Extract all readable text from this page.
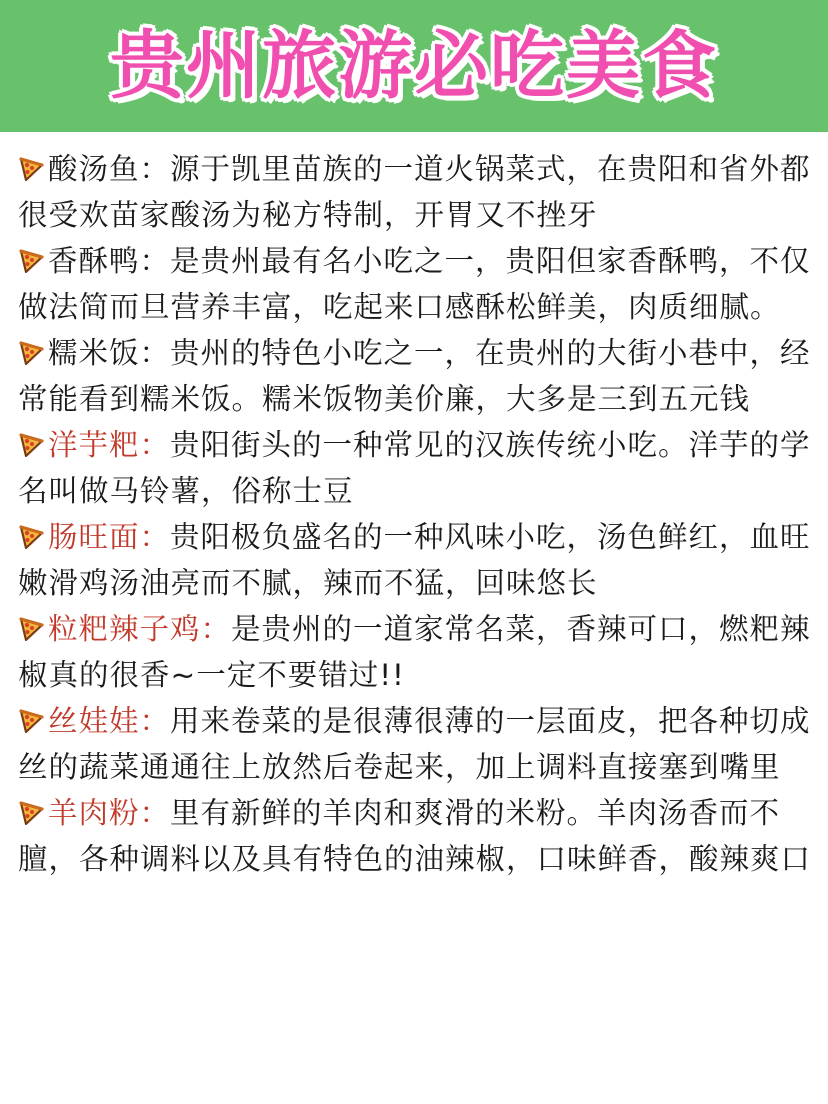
贵州旅游必吃美食
酸汤鱼：源于凯里苗族的一道火锅菜式，在贵阳和省外都很受欢苗家酸汤为秘方特制，开胃又不挫牙
香酥鸭：是贵州最有名小吃之一，贵阳但家香酥鸭，不仅做法简而旦营养丰富，吃起来口感酥松鲜美，肉质细腻。
糯米饭：贵州的特色小吃之一，在贵州的大街小巷中，经常能看到糯米饭。糯米饭物美价廉，大多是三到五元钱
洋芋粑：贵阳街头的一种常见的汉族传统小吃。洋芋的学名叫做马铃薯，俗称士豆
肠旺面：贵阳极负盛名的一种风味小吃，汤色鲜红，血旺嫩滑鸡汤油亮而不腻，辣而不猛，回味悠长
粒粑辣子鸡：是贵州的一道家常名菜，香辣可口，燃粑辣椒真的很香~一定不要错过!!
丝娃娃：用来卷菜的是很薄很薄的一层面皮，把各种切成丝的蔬菜通通往上放然后卷起来，加上调料直接塞到嘴里
羊肉粉：里有新鲜的羊肉和爽滑的米粉。羊肉汤香而不膻，各种调料以及具有特色的油辣椒，口味鲜香，酸辣爽口
